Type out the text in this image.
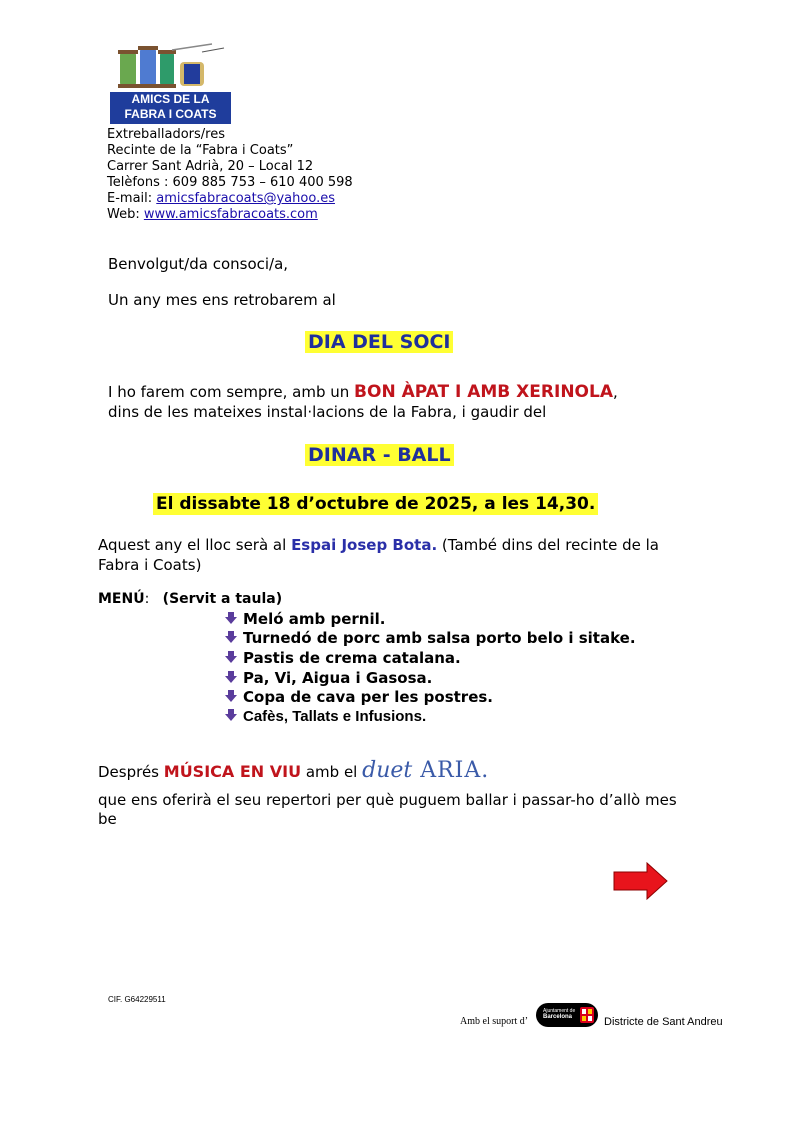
AMICS DE LA
FABRA I COATS
Extreballadors/res
Recinte de la “Fabra i Coats”
Carrer Sant Adrià, 20 – Local 12
Telèfons : 609 885 753 – 610 400 598
E-mail: amicsfabracoats@yahoo.es
Web: www.amicsfabracoats.com
Benvolgut/da consoci/a,
Un any mes ens retrobarem al
DIA DEL SOCI
I ho farem com sempre, amb un BON ÀPAT I AMB XERINOLA,
dins de les mateixes instal·lacions de la Fabra, i gaudir del
DINAR - BALL
El dissabte 18 d’octubre de 2025, a les 14,30.
Aquest any el lloc serà al Espai Josep Bota. (També dins del recinte de la
Fabra i Coats)
MENÚ: (Servit a taula)
Meló amb pernil.
Turnedó de porc amb salsa porto belo i sitake.
Pastis de crema catalana.
Pa, Vi, Aigua i Gasosa.
Copa de cava per les postres.
Cafès, Tallats e Infusions.
Després MÚSICA EN VIU amb el duet ARIA.
que ens oferirà el seu repertori per què puguem ballar i passar-ho d’allò mes
be
CIF. G64229511
Amb el suport d’
Ajuntament de
Barcelona	Districte de Sant Andreu
